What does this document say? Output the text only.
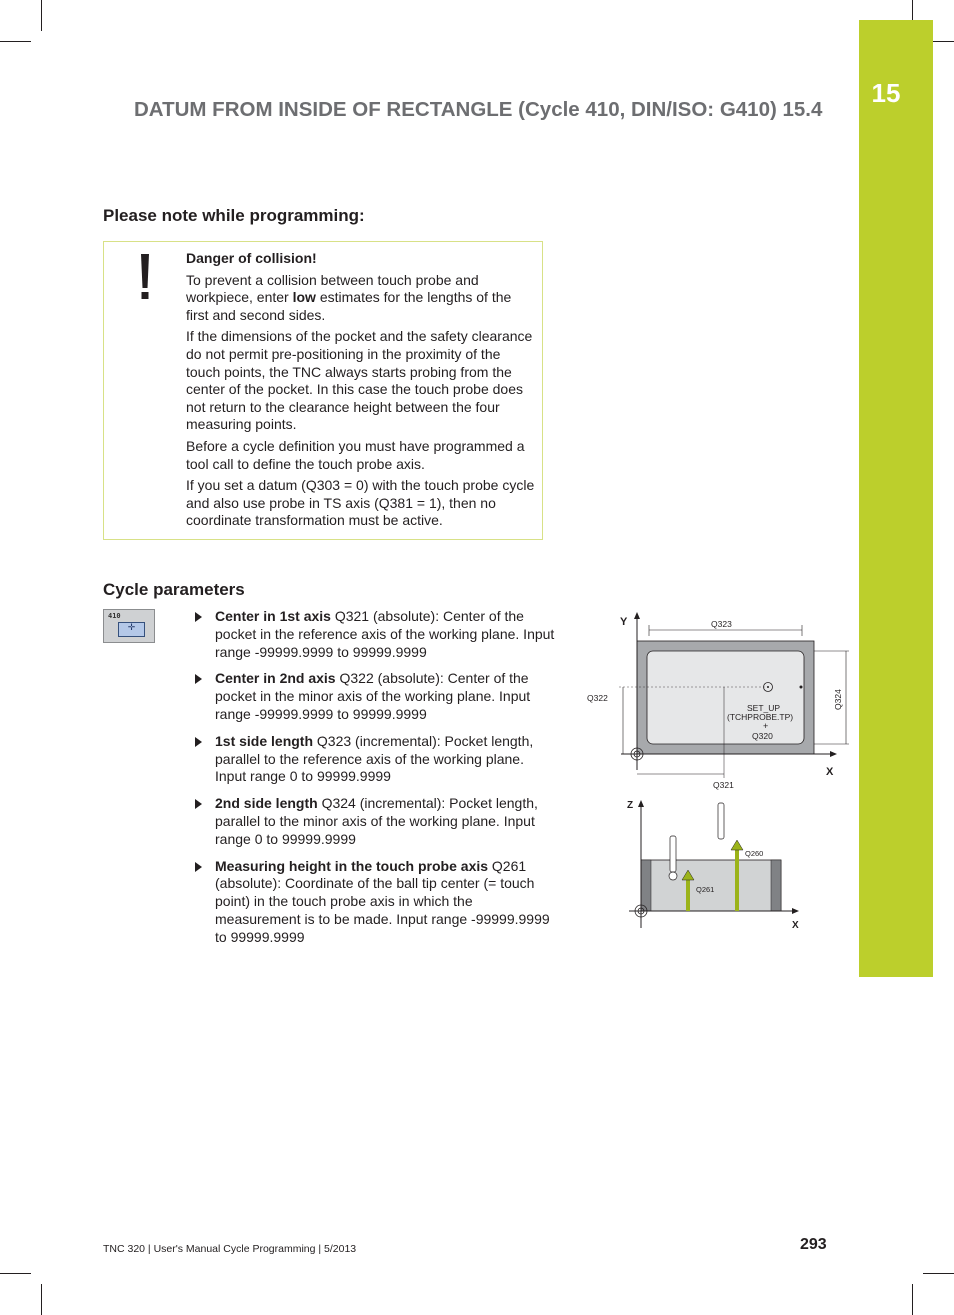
15
DATUM FROM INSIDE OF RECTANGLE (Cycle 410, DIN/ISO: G410) 15.4
Please note while programming:

Danger of collision!

To prevent a collision between touch probe and workpiece, enter low estimates for the lengths of the first and second sides.

If the dimensions of the pocket and the safety clearance do not permit pre-positioning in the proximity of the touch points, the TNC always starts probing from the center of the pocket. In this case the touch probe does not return to the clearance height between the four measuring points.

Before a cycle definition you must have programmed a tool call to define the touch probe axis.

If you set a datum (Q303 = 0) with the touch probe cycle and also use probe in TS axis (Q381 = 1), then no coordinate transformation must be active.

Cycle parameters
410
✛
Center in 1st axis Q321 (absolute): Center of the pocket in the reference axis of the working plane. Input range -99999.9999 to 99999.9999
Center in 2nd axis Q322 (absolute): Center of the pocket in the minor axis of the working plane. Input range -99999.9999 to 99999.9999
1st side length Q323 (incremental): Pocket length, parallel to the reference axis of the working plane. Input range 0 to 99999.9999
2nd side length Q324 (incremental): Pocket length, parallel to the minor axis of the working plane. Input range 0 to 99999.9999
Measuring height in the touch probe axis Q261 (absolute): Coordinate of the ball tip center (= touch point) in the touch probe axis in which the measurement is to be made. Input range -99999.9999 to 99999.9999
Y
X
Q323
Q324
Q322
Q321
SET_UP
(TCHPROBE.TP)
+
Q320
Z
X
Q260
Q261
TNC 320 | User's Manual Cycle Programming | 5/2013	293
